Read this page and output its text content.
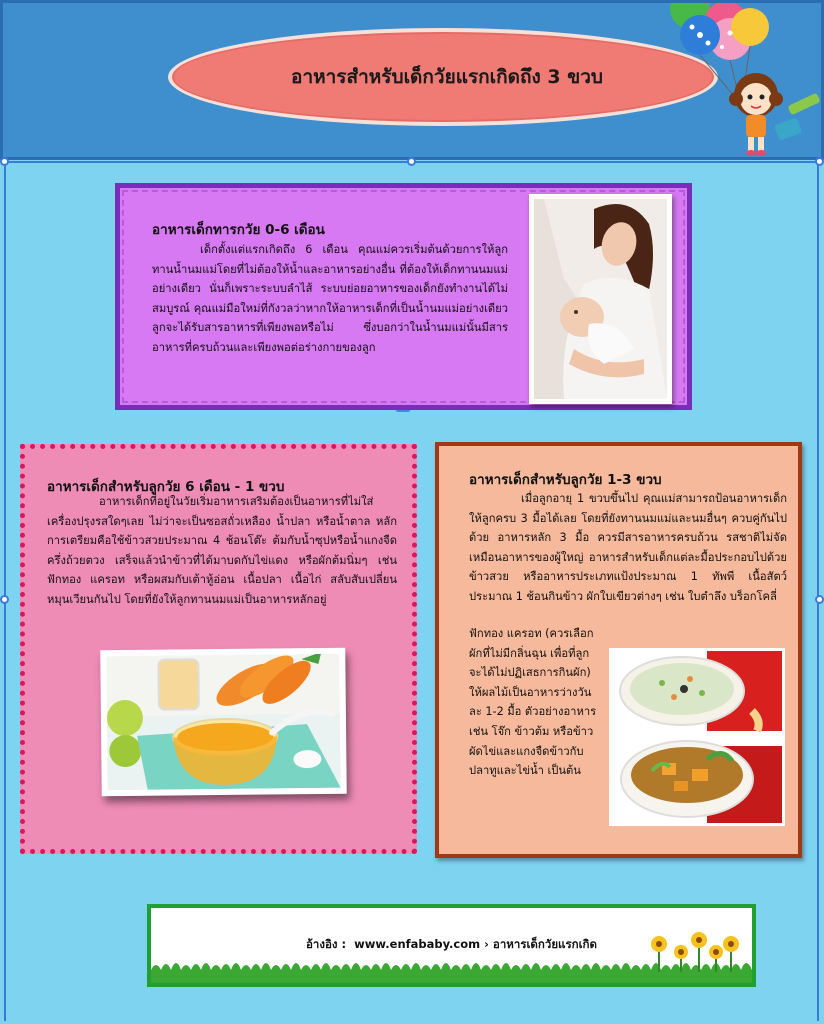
อาหารสำหรับเด็กวัยแรกเกิดถึง 3 ขวบ
อาหารเด็กทารกวัย 0-6 เดือน
เด็กตั้งแต่แรกเกิดถึง 6 เดือน คุณแม่ควรเริ่มต้นด้วยการให้ลูกทานน้ำนมแม่โดยที่ไม่ต้องให้น้ำและอาหารอย่างอื่น ที่ต้องให้เด็กทานนมแม่อย่างเดียว นั่นก็เพราะระบบลำไส้ ระบบย่อยอาหารของเด็กยังทำงานได้ไม่สมบูรณ์ คุณแม่มือใหม่ที่กังวลว่าหากให้อาหารเด็กที่เป็นน้ำนมแม่อย่างเดียว ลูกจะได้รับสารอาหารที่เพียงพอหรือไม่ ซึ่งบอกว่าในน้ำนมแม่นั้นมีสารอาหารที่ครบถ้วนและเพียงพอต่อร่างกายของลูก
อาหารเด็กสำหรับลูกวัย 6 เดือน - 1 ขวบ
อาหารเด็กที่อยู่ในวัยเริ่มอาหารเสริมต้องเป็นอาหารที่ไม่ใส่เครื่องปรุงรสใดๆเลย ไม่ว่าจะเป็นซอสถั่วเหลือง น้ำปลา หรือน้ำตาล หลักการเตรียมคือใช้ข้าวสวยประมาณ 4 ช้อนโต๊ะ ต้มกับน้ำซุปหรือน้ำแกงจืดครึ่งถ้วยตวง เสร็จแล้วนำข้าวที่ได้มาบดกับไข่แดง หรือผักต้มนิ่มๆ เช่น ฟักทอง แครอท หรือผสมกับเต้าหู้อ่อน เนื้อปลา เนื้อไก่ สลับสับเปลี่ยนหมุนเวียนกันไป โดยที่ยังให้ลูกทานนมแม่เป็นอาหารหลักอยู่
อาหารเด็กสำหรับลูกวัย 1-3 ขวบ
เมื่อลูกอายุ 1 ขวบขึ้นไป คุณแม่สามารถป้อนอาหารเด็กให้ลูกครบ 3 มื้อได้เลย โดยที่ยังทานนมแม่และนมอื่นๆ ควบคู่กันไปด้วย อาหารหลัก 3 มื้อ ควรมีสารอาหารครบถ้วน รสชาติไม่จัดเหมือนอาหารของผู้ใหญ่ อาหารสำหรับเด็กแต่ละมื้อประกอบไปด้วยข้าวสวย หรืออาหารประเภทแป้งประมาณ 1 ทัพพี เนื้อสัตว์ประมาณ 1 ช้อนกินข้าว ผักใบเขียวต่างๆ เช่น ใบตำลึง บร็อกโคลี่
ฟักทอง แครอท (ควรเลือกผักที่ไม่มีกลิ่นฉุน เพื่อที่ลูกจะได้ไม่ปฏิเสธการกินผัก) ให้ผลไม้เป็นอาหารว่างวันละ 1-2 มื้อ ตัวอย่างอาหาร เช่น โจ๊ก ข้าวต้ม หรือข้าวผัดไข่และแกงจืดข้าวกับปลาทูและไข่น้ำ เป็นต้น
อ้างอิง : www.enfababy.com › อาหารเด็กวัยแรกเกิด
